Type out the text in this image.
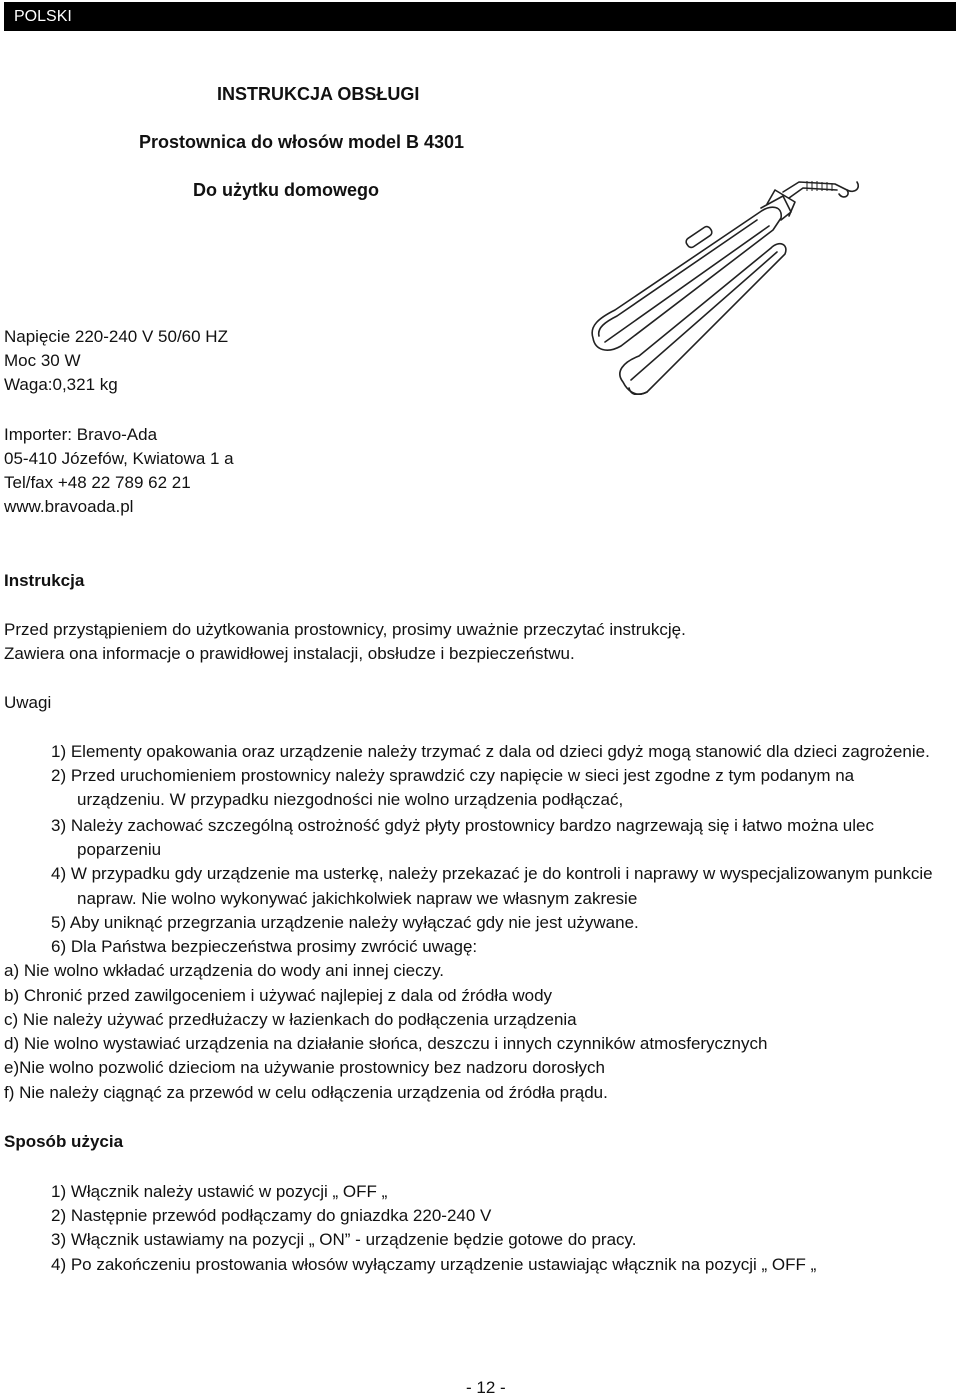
POLSKI
INSTRUKCJA OBSŁUGI
Prostownica do włosów model B 4301
Do użytku domowego
Napięcie 220-240 V 50/60 HZ
Moc 30 W
Waga:0,321 kg
Importer: Bravo-Ada
05-410 Józefów, Kwiatowa 1 a
Tel/fax +48 22 789 62 21
www.bravoada.pl
Instrukcja
Przed przystąpieniem do użytkowania prostownicy, prosimy uważnie przeczytać instrukcję.
Zawiera ona informacje o prawidłowej instalacji, obsłudze i bezpieczeństwu.
Uwagi
1) Elementy opakowania oraz urządzenie należy trzymać z dala od dzieci gdyż mogą stanowić dla dzieci zagrożenie.
2) Przed uruchomieniem prostownicy należy sprawdzić czy napięcie w sieci jest zgodne z tym podanym na
urządzeniu. W przypadku niezgodności nie wolno urządzenia podłączać,
3) Należy zachować szczególną ostrożność gdyż płyty prostownicy bardzo nagrzewają się i łatwo można ulec
poparzeniu
4) W przypadku gdy urządzenie ma usterkę, należy przekazać je do kontroli i naprawy w wyspecjalizowanym punkcie
napraw. Nie wolno wykonywać jakichkolwiek napraw we własnym zakresie
5) Aby uniknąć przegrzania urządzenie należy wyłączać gdy nie jest używane.
6) Dla Państwa bezpieczeństwa prosimy zwrócić uwagę:
a) Nie wolno wkładać urządzenia do wody ani innej cieczy.
b) Chronić przed zawilgoceniem i używać najlepiej z dala od źródła wody
c) Nie należy używać przedłużaczy w łazienkach do podłączenia urządzenia
d) Nie wolno wystawiać urządzenia na działanie słońca, deszczu i innych czynników atmosferycznych
e)Nie wolno pozwolić dzieciom na używanie prostownicy bez nadzoru dorosłych
f) Nie należy ciągnąć za przewód w celu odłączenia urządzenia od źródła prądu.
Sposób użycia
1) Włącznik należy ustawić w pozycji „ OFF „
2) Następnie przewód podłączamy do gniazdka 220-240 V
3) Włącznik ustawiamy na pozycji „ ON” - urządzenie będzie gotowe do pracy.
4) Po zakończeniu prostowania włosów wyłączamy urządzenie ustawiając włącznik na pozycji „ OFF „
- 12 -
